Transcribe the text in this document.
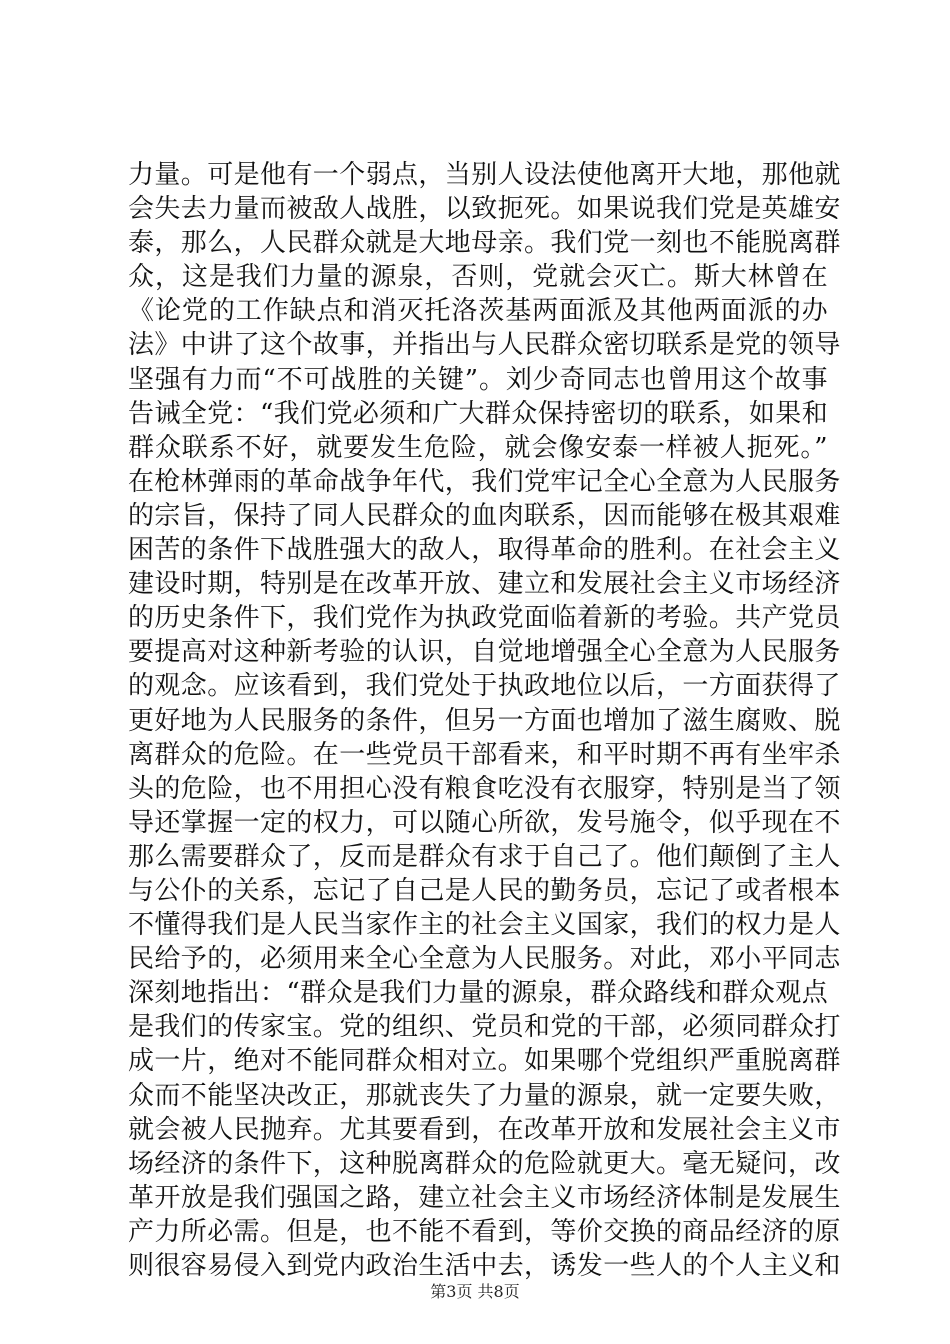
力量。可是他有一个弱点，当别人设法使他离开大地，那他就
会失去力量而被敌人战胜，以致扼死。如果说我们党是英雄安
泰，那么，人民群众就是大地母亲。我们党一刻也不能脱离群
众，这是我们力量的源泉，否则，党就会灭亡。斯大林曾在
《论党的工作缺点和消灭托洛茨基两面派及其他两面派的办
法》中讲了这个故事，并指出与人民群众密切联系是党的领导
坚强有力而“不可战胜的关键”。刘少奇同志也曾用这个故事
告诫全党：“我们党必须和广大群众保持密切的联系，如果和
群众联系不好，就要发生危险，就会像安泰一样被人扼死。”
在枪林弹雨的革命战争年代，我们党牢记全心全意为人民服务
的宗旨，保持了同人民群众的血肉联系，因而能够在极其艰难
困苦的条件下战胜强大的敌人，取得革命的胜利。在社会主义
建设时期，特别是在改革开放、建立和发展社会主义市场经济
的历史条件下，我们党作为执政党面临着新的考验。共产党员
要提高对这种新考验的认识，自觉地增强全心全意为人民服务
的观念。应该看到，我们党处于执政地位以后，一方面获得了
更好地为人民服务的条件，但另一方面也增加了滋生腐败、脱
离群众的危险。在一些党员干部看来，和平时期不再有坐牢杀
头的危险，也不用担心没有粮食吃没有衣服穿，特别是当了领
导还掌握一定的权力，可以随心所欲，发号施令，似乎现在不
那么需要群众了，反而是群众有求于自己了。他们颠倒了主人
与公仆的关系，忘记了自己是人民的勤务员，忘记了或者根本
不懂得我们是人民当家作主的社会主义国家，我们的权力是人
民给予的，必须用来全心全意为人民服务。对此，邓小平同志
深刻地指出：“群众是我们力量的源泉，群众路线和群众观点
是我们的传家宝。党的组织、党员和党的干部，必须同群众打
成一片，绝对不能同群众相对立。如果哪个党组织严重脱离群
众而不能坚决改正，那就丧失了力量的源泉，就一定要失败，
就会被人民抛弃。尤其要看到，在改革开放和发展社会主义市
场经济的条件下，这种脱离群众的危险就更大。毫无疑问，改
革开放是我们强国之路，建立社会主义市场经济体制是发展生
产力所必需。但是，也不能不看到，等价交换的商品经济的原
则很容易侵入到党内政治生活中去，诱发一些人的个人主义和
第3页 共8页
